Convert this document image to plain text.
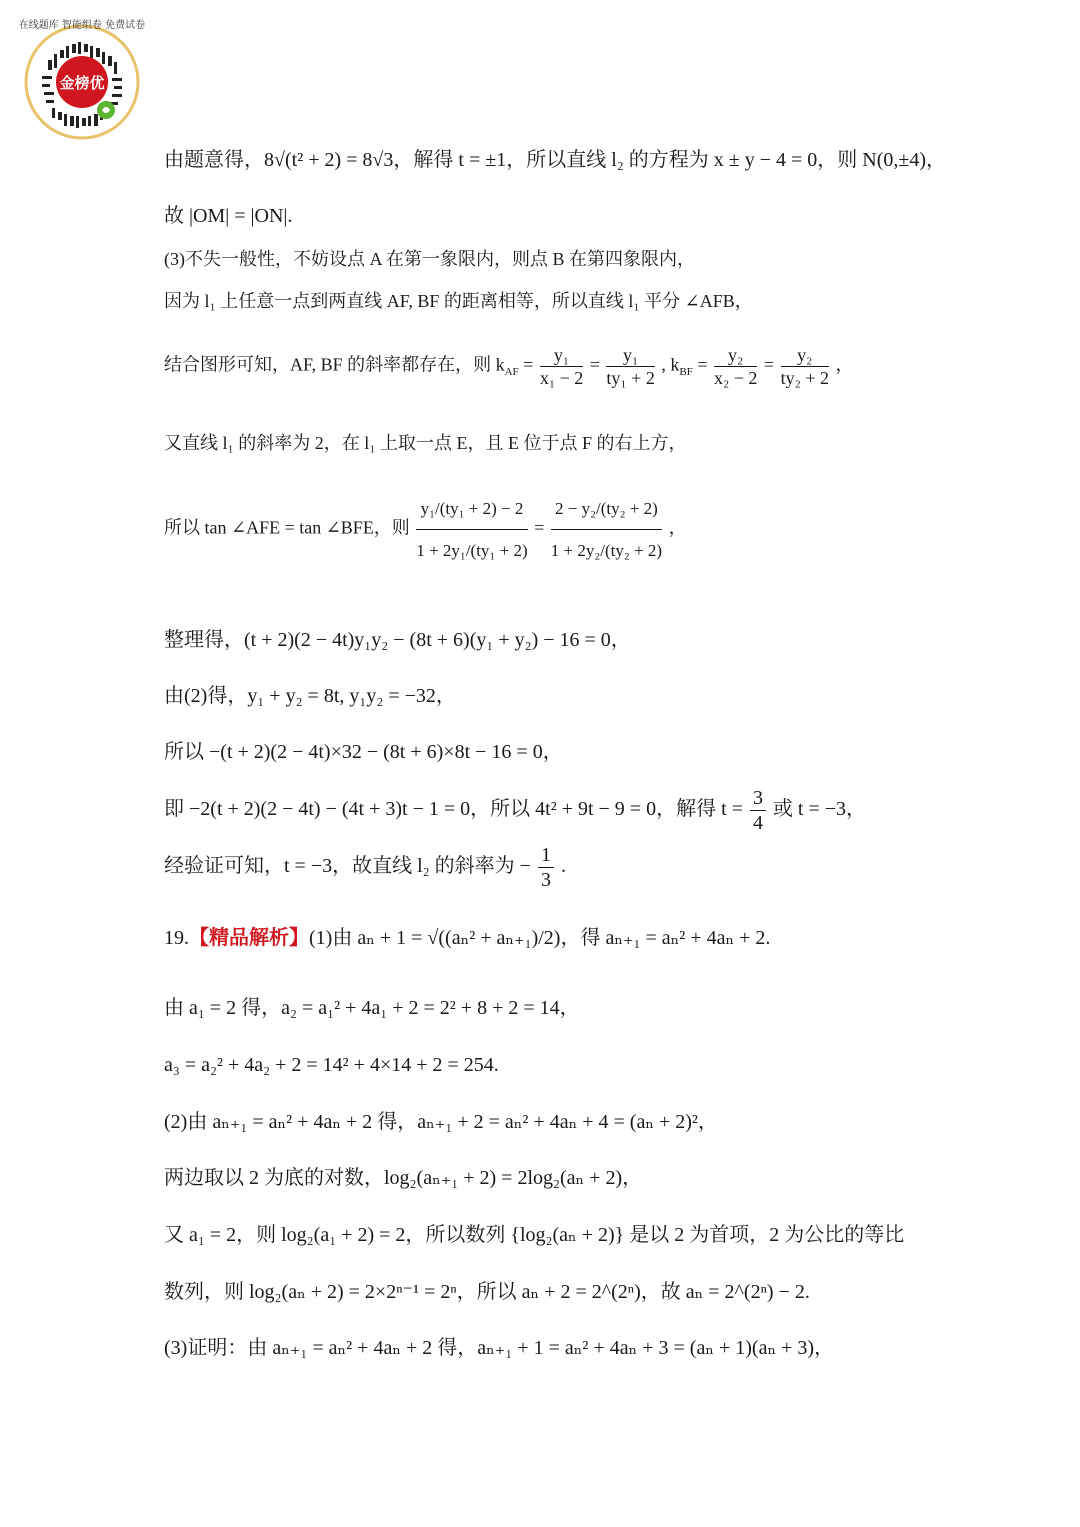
金榜优
在线题库 智能组卷 免费试卷
由题意得，8√(t² + 2) = 8√3，解得 t = ±1，所以直线 l₂ 的方程为 x ± y − 4 = 0，则 N(0,±4)，
故 |OM| = |ON|.
(3)不失一般性，不妨设点 A 在第一象限内，则点 B 在第四象限内，
因为 l₁ 上任意一点到两直线 AF, BF 的距离相等，所以直线 l₁ 平分 ∠AFB，
结合图形可知，AF, BF 的斜率都存在，则 $k_{AF} = \frac{\text{y₁}}{\text{x₁ − 2}} = \frac{\text{y₁}}{\text{ty₁ + 2}}$ , $k_{BF} = \frac{\text{y₂}}{\text{x₂ − 2}} = \frac{\text{y₂}}{\text{ty₂ + 2}}$ ，
又直线 l₁ 的斜率为 2，在 l₁ 上取一点 E，且 E 位于点 F 的右上方，
所以 tan ∠AFE = tan ∠BFE，则 $\frac{\text{y₁/(ty₁ + 2) − 2}}{\text{1 + 2y₁/(ty₁ + 2)}} = \frac{\text{2 − y₂/(ty₂ + 2)}}{\text{1 + 2y₂/(ty₂ + 2)}}$ ，
整理得，(t + 2)(2 − 4t)y₁y₂ − (8t + 6)(y₁ + y₂) − 16 = 0，
由(2)得，y₁ + y₂ = 8t, y₁y₂ = −32，
所以 −(t + 2)(2 − 4t)×32 − (8t + 6)×8t − 16 = 0，
即 −2(t + 2)(2 − 4t) − (4t + 3)t − 1 = 0，所以 4t² + 9t − 9 = 0，解得 $t = \frac{3}{4}$ 或 t = −3，
经验证可知，t = −3，故直线 l₂ 的斜率为 − $\frac{1}{3}$ .
19.【精品解析】(1)由 aₙ + 1 = √((aₙ² + aₙ₊₁)/2)，得 aₙ₊₁ = aₙ² + 4aₙ + 2.
由 a₁ = 2 得，a₂ = a₁² + 4a₁ + 2 = 2² + 8 + 2 = 14，
a₃ = a₂² + 4a₂ + 2 = 14² + 4×14 + 2 = 254.
(2)由 aₙ₊₁ = aₙ² + 4aₙ + 2 得，aₙ₊₁ + 2 = aₙ² + 4aₙ + 4 = (aₙ + 2)²，
两边取以 2 为底的对数，log₂(aₙ₊₁ + 2) = 2log₂(aₙ + 2)，
又 a₁ = 2，则 log₂(a₁ + 2) = 2，所以数列 {log₂(aₙ + 2)} 是以 2 为首项，2 为公比的等比
数列，则 log₂(aₙ + 2) = 2×2ⁿ⁻¹ = 2ⁿ，所以 aₙ + 2 = 2^(2ⁿ)，故 aₙ = 2^(2ⁿ) − 2.
(3)证明：由 aₙ₊₁ = aₙ² + 4aₙ + 2 得，aₙ₊₁ + 1 = aₙ² + 4aₙ + 3 = (aₙ + 1)(aₙ + 3)，
